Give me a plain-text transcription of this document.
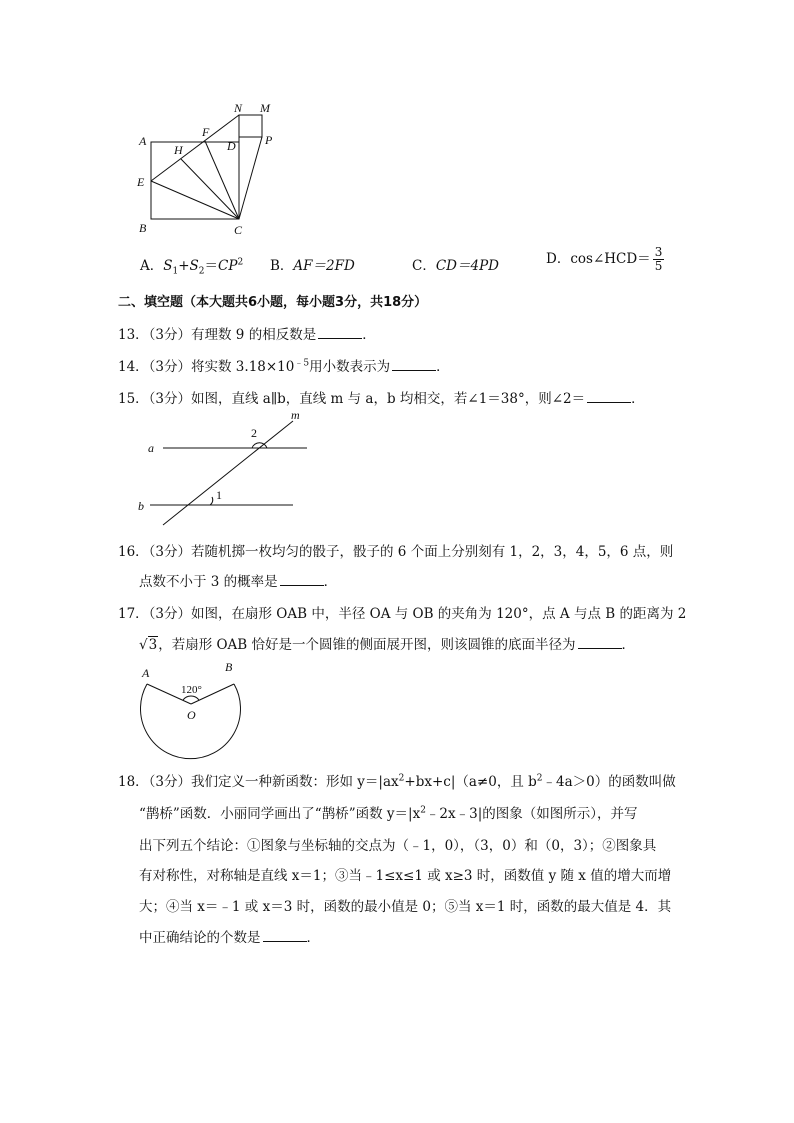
A
B	C
D
E
F
H
N M
P
A．$S_1+S_2=CP^2$ B．AF＝2FD	C．CD＝4PD	D．cos∠HCD＝ $\frac{3}{5}$
二、填空题（本大题共6小题，每小题3分，共18分）
13．（3分）有理数 9 的相反数是	．
14．（3分）将实数 $3.18\times 10^{﹣5}$用小数表示为	．
15．（3分）如图，直线 a∥b，直线 m 与 a，b 均相交，若∠1＝38°，则∠2＝	．
a
b
m
1
2
16．（3分）若随机掷一枚均匀的骰子，骰子的 6 个面上分别刻有 1，2，3，4，5，6 点，则
点数不小于 3 的概率是	．
17．（3分）如图，在扇形 OAB 中，半径 OA 与 OB 的夹角为 120°，点 A 与点 B 的距离为 2
√3，若扇形 OAB 恰好是一个圆锥的侧面展开图，则该圆锥的底面半径为	．
A	B
O
120°
18．（3分）我们定义一种新函数：形如 $y=|ax^2+bx+c|(a\ne 0$，且 $b^2﹣4a>0$）的函数叫做
“鹊桥”函数．小丽同学画出了“鹊桥”函数 $y=|x^2﹣2x﹣3|$的图象（如图所示），并写
出下列五个结论：①图象与坐标轴的交点为（﹣1，0），（3，0）和（0，3）；②图象具
有对称性，对称轴是直线 x＝1；③当﹣1≤x≤1 或 x≥3 时，函数值 y 随 x 值的增大而增
大；④当 x＝﹣1 或 x＝3 时，函数的最小值是 0；⑤当 x＝1 时，函数的最大值是 4．其
中正确结论的个数是	．
